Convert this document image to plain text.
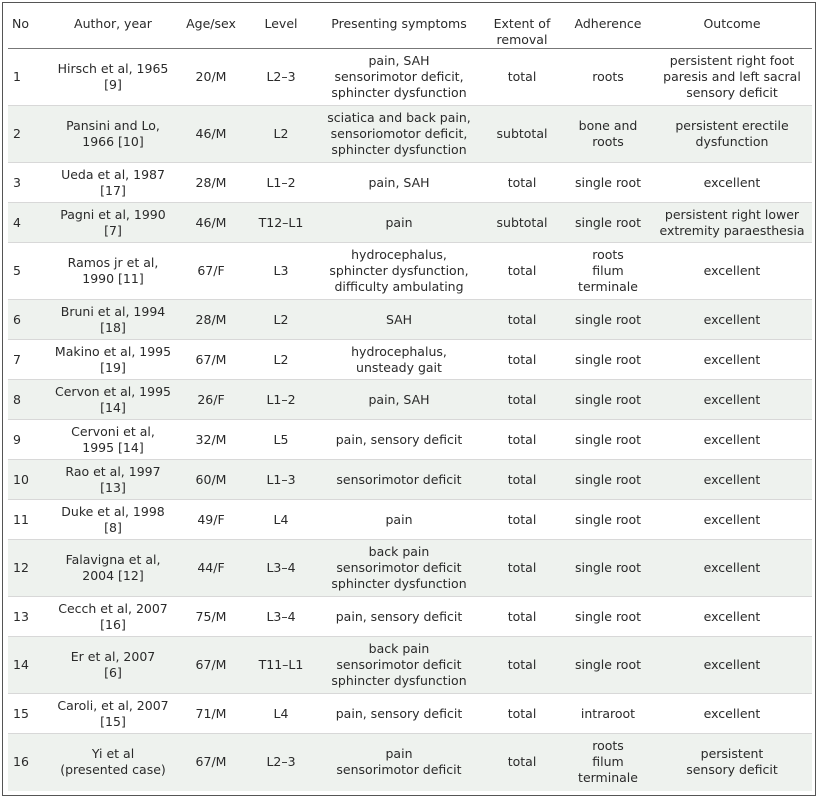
No	Author, year	Age/sex	Level	Presenting symptoms	Extent of
removal	Adherence	Outcome
1	Hirsch et al, 1965
[9]	20/M	L2–3	pain, SAH
sensorimotor deficit,
sphincter dysfunction	total	roots	persistent right foot
paresis and left sacral
sensory deficit
2	Pansini and Lo,
1966 [10]	46/M	L2	sciatica and back pain,
sensoriomotor deficit,
sphincter dysfunction	subtotal	bone and
roots	persistent erectile
dysfunction
3	Ueda et al, 1987
[17]	28/M	L1–2	pain, SAH	total	single root	excellent
4	Pagni et al, 1990
[7]	46/M	T12–L1	pain	subtotal	single root	persistent right lower
extremity paraesthesia
5	Ramos jr et al,
1990 [11]	67/F	L3	hydrocephalus,
sphincter dysfunction,
difficulty ambulating	total	roots
filum
terminale	excellent
6	Bruni et al, 1994
[18]	28/M	L2	SAH	total	single root	excellent
7	Makino et al, 1995
[19]	67/M	L2	hydrocephalus,
unsteady gait	total	single root	excellent
8	Cervon et al, 1995
[14]	26/F	L1–2	pain, SAH	total	single root	excellent
9	Cervoni et al,
1995 [14]	32/M	L5	pain, sensory deficit	total	single root	excellent
10	Rao et al, 1997
[13]	60/M	L1–3	sensorimotor deficit	total	single root	excellent
11	Duke et al, 1998
[8]	49/F	L4	pain	total	single root	excellent
12	Falavigna et al,
2004 [12]	44/F	L3–4	back pain
sensorimotor deficit
sphincter dysfunction	total	single root	excellent
13	Cecch et al, 2007
[16]	75/M	L3–4	pain, sensory deficit	total	single root	excellent
14	Er et al, 2007
[6]	67/M	T11–L1	back pain
sensorimotor deficit
sphincter dysfunction	total	single root	excellent
15	Caroli, et al, 2007
[15]	71/M	L4	pain, sensory deficit	total	intraroot	excellent
16	Yi et al
(presented case)	67/M	L2–3	pain
sensorimotor deficit	total	roots
filum
terminale	persistent
sensory deficit
